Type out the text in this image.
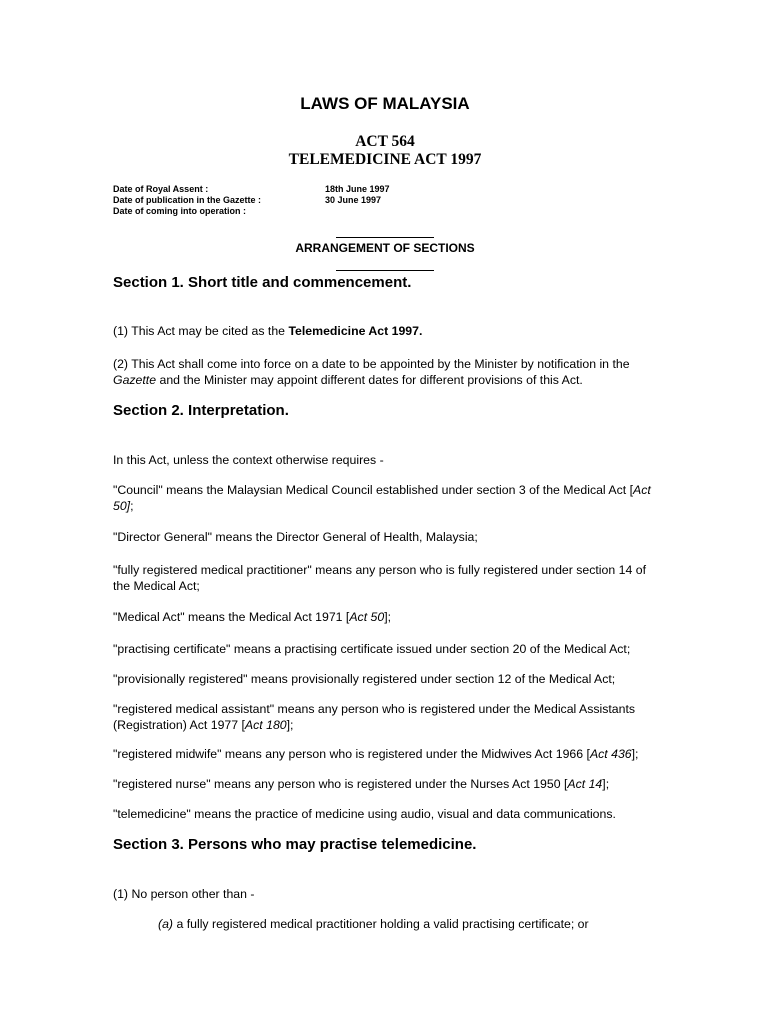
LAWS OF MALAYSIA
ACT 564
TELEMEDICINE ACT 1997
Date of Royal Assent :	18th June 1997
Date of publication in the Gazette :	30 June 1997
Date of coming into operation :
ARRANGEMENT OF SECTIONS
Section 1. Short title and commencement.
(1) This Act may be cited as the Telemedicine Act 1997.
(2) This Act shall come into force on a date to be appointed by the Minister by notification in the Gazette and the Minister may appoint different dates for different provisions of this Act.
Section 2. Interpretation.
In this Act, unless the context otherwise requires -
"Council" means the Malaysian Medical Council established under section 3 of the Medical Act [Act 50];
"Director General" means the Director General of Health, Malaysia;
"fully registered medical practitioner" means any person who is fully registered under section 14 of the Medical Act;
"Medical Act" means the Medical Act 1971 [Act 50];
"practising certificate" means a practising certificate issued under section 20 of the Medical Act;
"provisionally registered" means provisionally registered under section 12 of the Medical Act;
"registered medical assistant" means any person who is registered under the Medical Assistants (Registration) Act 1977 [Act 180];
"registered midwife" means any person who is registered under the Midwives Act 1966 [Act 436];
"registered nurse" means any person who is registered under the Nurses Act 1950 [Act 14];
"telemedicine" means the practice of medicine using audio, visual and data communications.
Section 3. Persons who may practise telemedicine.
(1) No person other than -
(a) a fully registered medical practitioner holding a valid practising certificate; or
